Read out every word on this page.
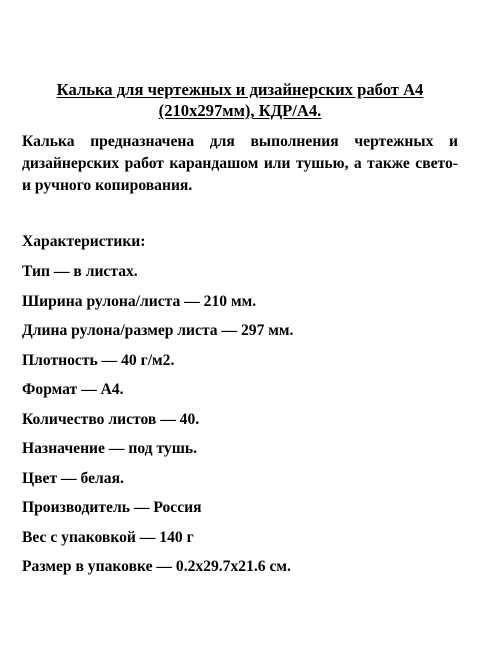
Калька для чертежных и дизайнерских работ А4
(210x297мм), КДР/А4.

Калька предназначена для выполнения чертежных и дизайнерских работ карандашом или тушью, а также свето- и ручного копирования.

Характеристики:

Тип — в листах.
Ширина рулона/листа — 210 мм.
Длина рулона/размер листа — 297 мм.
Плотность — 40 г/м2.
Формат — А4.
Количество листов — 40.
Назначение — под тушь.
Цвет — белая.
Производитель — Россия
Вес с упаковкой — 140 г
Размер в упаковке — 0.2x29.7x21.6 см.
